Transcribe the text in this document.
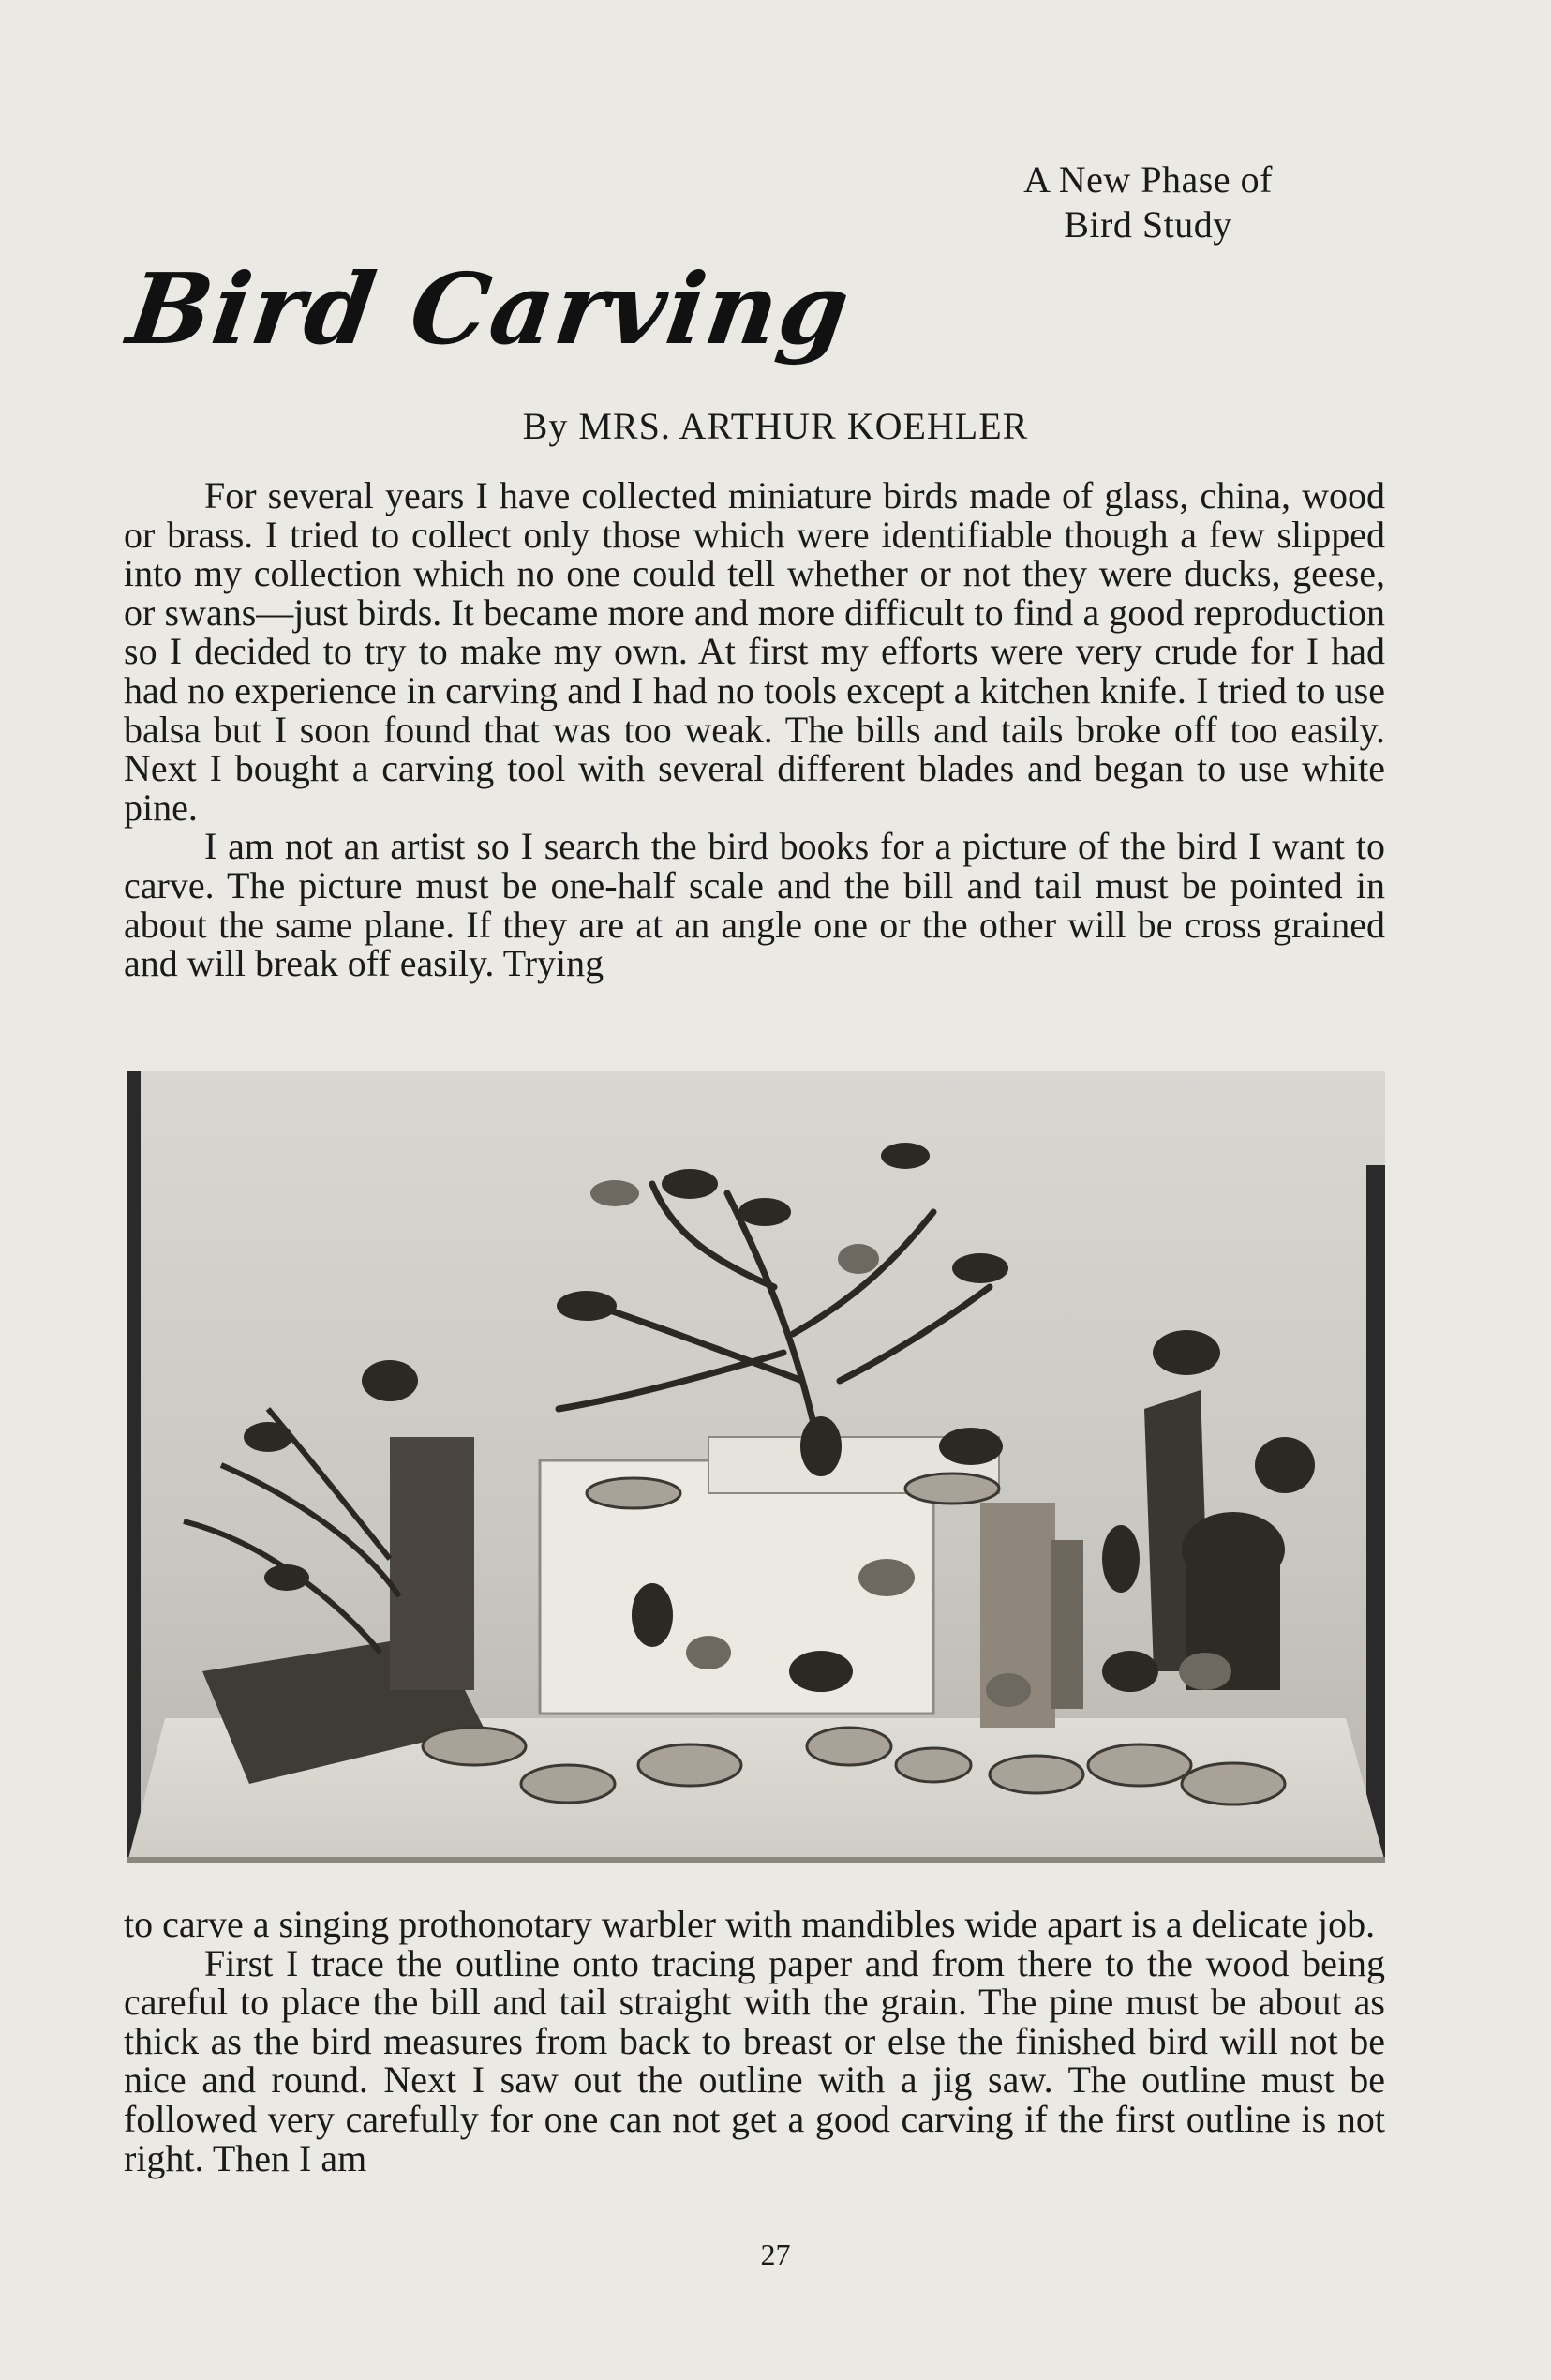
A New Phase of
Bird Study
Bird Carving
By MRS. ARTHUR KOEHLER

For several years I have collected miniature birds made of glass, china, wood or brass. I tried to collect only those which were identifiable though a few slipped into my collection which no one could tell whether or not they were ducks, geese, or swans—just birds. It became more and more difficult to find a good reproduction so I decided to try to make my own. At first my efforts were very crude for I had had no experience in carving and I had no tools except a kitchen knife. I tried to use balsa but I soon found that was too weak. The bills and tails broke off too easily. Next I bought a carving tool with several different blades and began to use white pine.

I am not an artist so I search the bird books for a picture of the bird I want to carve. The picture must be one-half scale and the bill and tail must be pointed in about the same plane. If they are at an angle one or the other will be cross grained and will break off easily. Trying

to carve a singing prothonotary warbler with mandibles wide apart is a delicate job.

First I trace the outline onto tracing paper and from there to the wood being careful to place the bill and tail straight with the grain. The pine must be about as thick as the bird measures from back to breast or else the finished bird will not be nice and round. Next I saw out the outline with a jig saw. The outline must be followed very carefully for one can not get a good carving if the first outline is not right. Then I am

27
